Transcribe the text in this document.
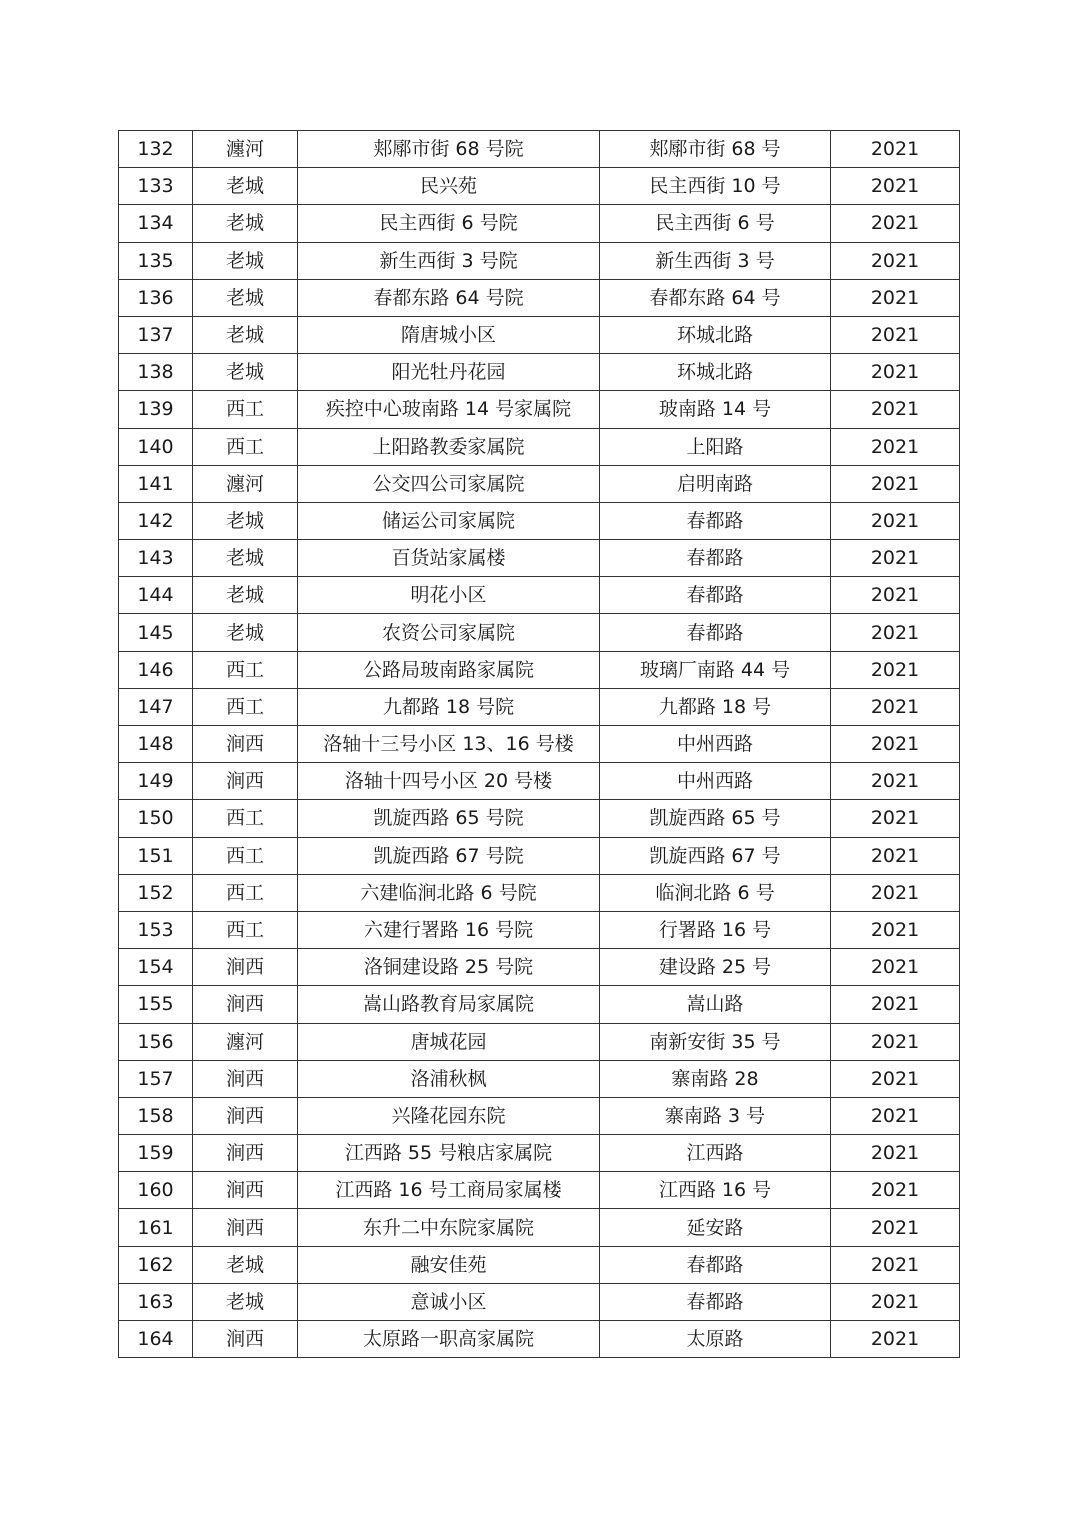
132	瀍河	郏鄏市街 68 号院	郏鄏市街 68 号	2021
133	老城	民兴苑	民主西街 10 号	2021
134	老城	民主西街 6 号院	民主西街 6 号	2021
135	老城	新生西街 3 号院	新生西街 3 号	2021
136	老城	春都东路 64 号院	春都东路 64 号	2021
137	老城	隋唐城小区	环城北路	2021
138	老城	阳光牡丹花园	环城北路	2021
139	西工	疾控中心玻南路 14 号家属院	玻南路 14 号	2021
140	西工	上阳路教委家属院	上阳路	2021
141	瀍河	公交四公司家属院	启明南路	2021
142	老城	储运公司家属院	春都路	2021
143	老城	百货站家属楼	春都路	2021
144	老城	明花小区	春都路	2021
145	老城	农资公司家属院	春都路	2021
146	西工	公路局玻南路家属院	玻璃厂南路 44 号	2021
147	西工	九都路 18 号院	九都路 18 号	2021
148	涧西	洛轴十三号小区 13、16 号楼	中州西路	2021
149	涧西	洛轴十四号小区 20 号楼	中州西路	2021
150	西工	凯旋西路 65 号院	凯旋西路 65 号	2021
151	西工	凯旋西路 67 号院	凯旋西路 67 号	2021
152	西工	六建临涧北路 6 号院	临涧北路 6 号	2021
153	西工	六建行署路 16 号院	行署路 16 号	2021
154	涧西	洛铜建设路 25 号院	建设路 25 号	2021
155	涧西	嵩山路教育局家属院	嵩山路	2021
156	瀍河	唐城花园	南新安街 35 号	2021
157	涧西	洛浦秋枫	寨南路 28	2021
158	涧西	兴隆花园东院	寨南路 3 号	2021
159	涧西	江西路 55 号粮店家属院	江西路	2021
160	涧西	江西路 16 号工商局家属楼	江西路 16 号	2021
161	涧西	东升二中东院家属院	延安路	2021
162	老城	融安佳苑	春都路	2021
163	老城	意诚小区	春都路	2021
164	涧西	太原路一职高家属院	太原路	2021
